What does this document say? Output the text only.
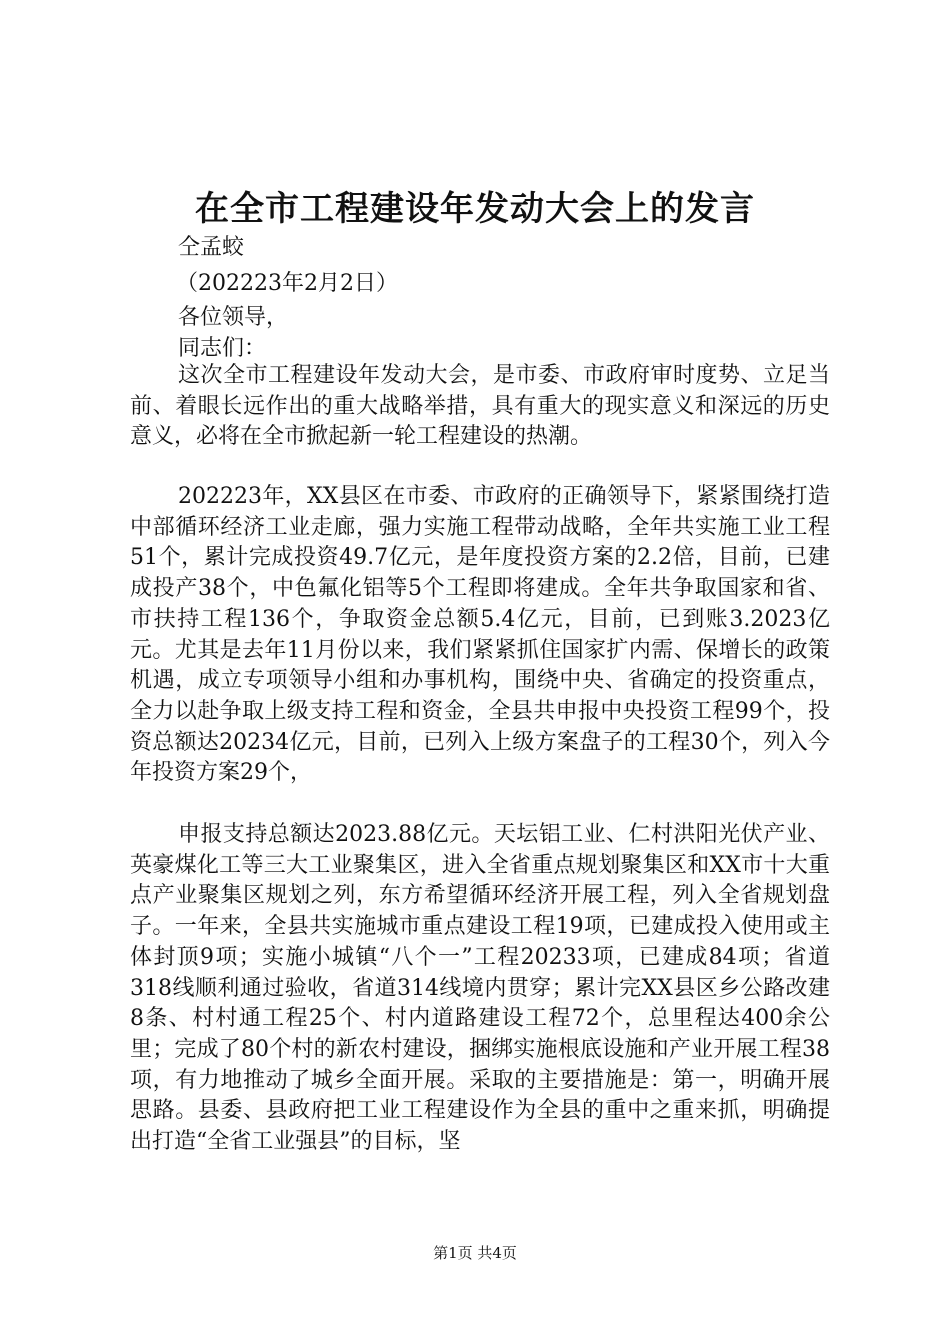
在全市工程建设年发动大会上的发言
仝孟蛟
（202223年2月2日）
各位领导，
同志们：
这次全市工程建设年发动大会，是市委、市政府审时度势、立足当前、着眼长远作出的重大战略举措，具有重大的现实意义和深远的历史意义，必将在全市掀起新一轮工程建设的热潮。
202223年，XX县区在市委、市政府的正确领导下，紧紧围绕打造中部循环经济工业走廊，强力实施工程带动战略，全年共实施工业工程51个，累计完成投资49.7亿元，是年度投资方案的2.2倍，目前，已建成投产38个，中色氟化铝等5个工程即将建成。全年共争取国家和省、市扶持工程136个，争取资金总额5.4亿元，目前，已到账3.2023亿元。尤其是去年11月份以来，我们紧紧抓住国家扩内需、保增长的政策机遇，成立专项领导小组和办事机构，围绕中央、省确定的投资重点，全力以赴争取上级支持工程和资金，全县共申报中央投资工程99个，投资总额达20234亿元，目前，已列入上级方案盘子的工程30个，列入今年投资方案29个，
申报支持总额达2023.88亿元。天坛铝工业、仁村洪阳光伏产业、英豪煤化工等三大工业聚集区，进入全省重点规划聚集区和XX市十大重点产业聚集区规划之列，东方希望循环经济开展工程，列入全省规划盘子。一年来，全县共实施城市重点建设工程19项，已建成投入使用或主体封顶9项；实施小城镇“八个一”工程20233项，已建成84项；省道318线顺利通过验收，省道314线境内贯穿；累计完XX县区乡公路改建8条、村村通工程25个、村内道路建设工程72个，总里程达400余公里；完成了80个村的新农村建设，捆绑实施根底设施和产业开展工程38项，有力地推动了城乡全面开展。采取的主要措施是：第一，明确开展思路。县委、县政府把工业工程建设作为全县的重中之重来抓，明确提出打造“全省工业强县”的目标，坚
第1页 共4页
